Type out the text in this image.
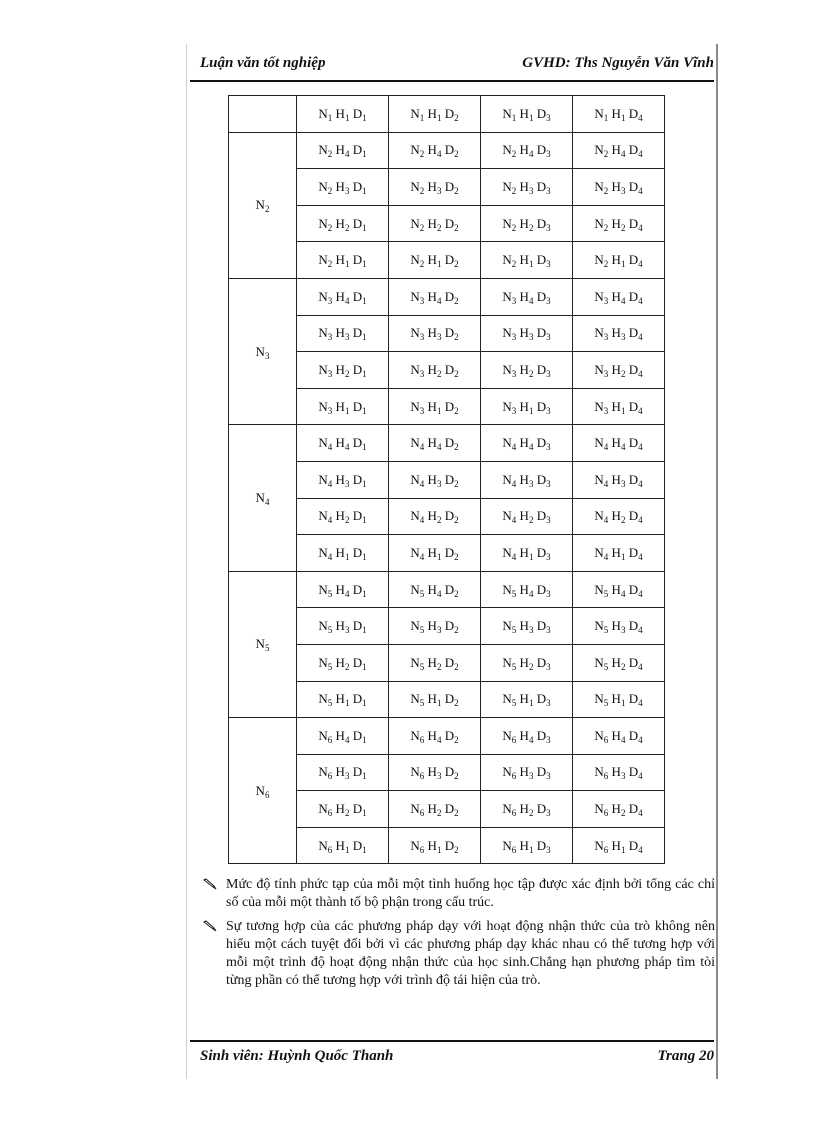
Luận văn tốt nghiệp	GVHD: Ths Nguyễn Văn Vĩnh
	$N_1$ $H_1$ $D_1$	$N_1$ $H_1$ $D_2$	$N_1$ $H_1$ $D_3$	$N_1$ $H_1$ $D_4$
$N_2$	$N_2$ $H_4$ $D_1$	$N_2$ $H_4$ $D_2$	$N_2$ $H_4$ $D_3$	$N_2$ $H_4$ $D_4$
	$N_2$ $H_3$ $D_1$	$N_2$ $H_3$ $D_2$	$N_2$ $H_3$ $D_3$	$N_2$ $H_3$ $D_4$
	$N_2$ $H_2$ $D_1$	$N_2$ $H_2$ $D_2$	$N_2$ $H_2$ $D_3$	$N_2$ $H_2$ $D_4$
	$N_2$ $H_1$ $D_1$	$N_2$ $H_1$ $D_2$	$N_2$ $H_1$ $D_3$	$N_2$ $H_1$ $D_4$
$N_3$	$N_3$ $H_4$ $D_1$	$N_3$ $H_4$ $D_2$	$N_3$ $H_4$ $D_3$	$N_3$ $H_4$ $D_4$
	$N_3$ $H_3$ $D_1$	$N_3$ $H_3$ $D_2$	$N_3$ $H_3$ $D_3$	$N_3$ $H_3$ $D_4$
	$N_3$ $H_2$ $D_1$	$N_3$ $H_2$ $D_2$	$N_3$ $H_2$ $D_3$	$N_3$ $H_2$ $D_4$
	$N_3$ $H_1$ $D_1$	$N_3$ $H_1$ $D_2$	$N_3$ $H_1$ $D_3$	$N_3$ $H_1$ $D_4$
$N_4$	$N_4$ $H_4$ $D_1$	$N_4$ $H_4$ $D_2$	$N_4$ $H_4$ $D_3$	$N_4$ $H_4$ $D_4$
	$N_4$ $H_3$ $D_1$	$N_4$ $H_3$ $D_2$	$N_4$ $H_3$ $D_3$	$N_4$ $H_3$ $D_4$
	$N_4$ $H_2$ $D_1$	$N_4$ $H_2$ $D_2$	$N_4$ $H_2$ $D_3$	$N_4$ $H_2$ $D_4$
	$N_4$ $H_1$ $D_1$	$N_4$ $H_1$ $D_2$	$N_4$ $H_1$ $D_3$	$N_4$ $H_1$ $D_4$
$N_5$	$N_5$ $H_4$ $D_1$	$N_5$ $H_4$ $D_2$	$N_5$ $H_4$ $D_3$	$N_5$ $H_4$ $D_4$
	$N_5$ $H_3$ $D_1$	$N_5$ $H_3$ $D_2$	$N_5$ $H_3$ $D_3$	$N_5$ $H_3$ $D_4$
	$N_5$ $H_2$ $D_1$	$N_5$ $H_2$ $D_2$	$N_5$ $H_2$ $D_3$	$N_5$ $H_2$ $D_4$
	$N_5$ $H_1$ $D_1$	$N_5$ $H_1$ $D_2$	$N_5$ $H_1$ $D_3$	$N_5$ $H_1$ $D_4$
$N_6$	$N_6$ $H_4$ $D_1$	$N_6$ $H_4$ $D_2$	$N_6$ $H_4$ $D_3$	$N_6$ $H_4$ $D_4$
	$N_6$ $H_3$ $D_1$	$N_6$ $H_3$ $D_2$	$N_6$ $H_3$ $D_3$	$N_6$ $H_3$ $D_4$
	$N_6$ $H_2$ $D_1$	$N_6$ $H_2$ $D_2$	$N_6$ $H_2$ $D_3$	$N_6$ $H_2$ $D_4$
	$N_6$ $H_1$ $D_1$	$N_6$ $H_1$ $D_2$	$N_6$ $H_1$ $D_3$	$N_6$ $H_1$ $D_4$
Mức độ tính phức tạp của mỗi một tình huống học tập được xác định bởi tổng các chỉ số của mỗi một thành tố bộ phận trong cấu trúc.
Sự tương hợp của các phương pháp dạy với hoạt động nhận thức của trò không nên hiểu một cách tuyệt đối bởi vì các phương pháp dạy khác nhau có thể tương hợp với mỗi một trình độ hoạt động nhận thức của học sinh.Chẳng hạn phương pháp tìm tòi từng phần có thể tương hợp với trình độ tái hiện của trò.
Sinh viên: Huỳnh Quốc Thanh	Trang 20
